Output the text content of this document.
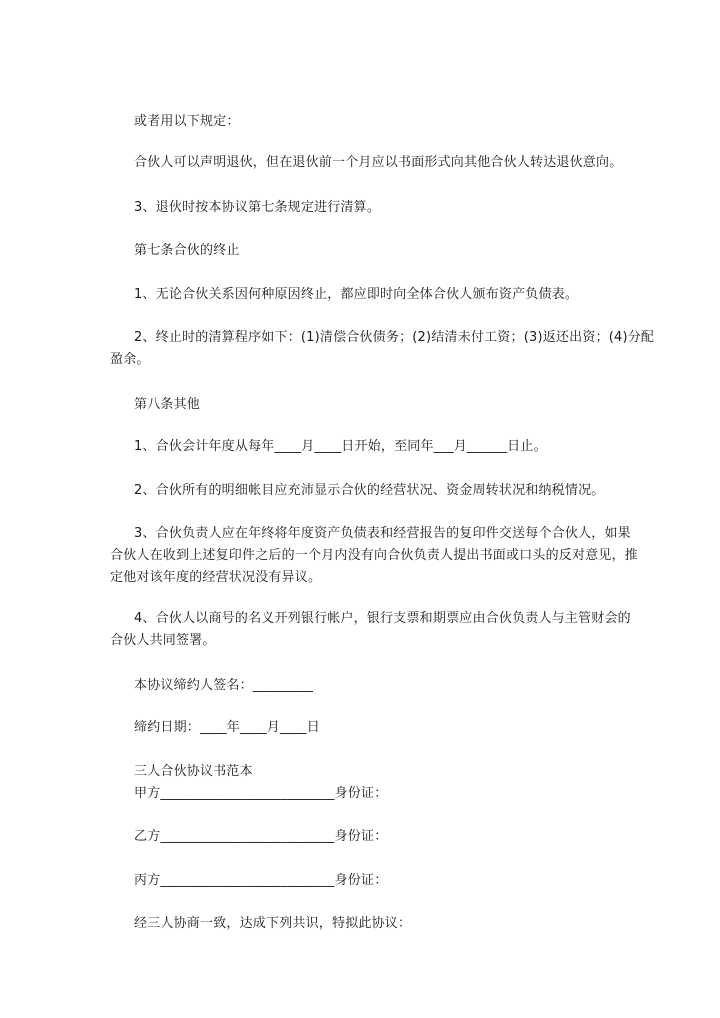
或者用以下规定：
合伙人可以声明退伙，但在退伙前一个月应以书面形式向其他合伙人转达退伙意向。
3、退伙时按本协议第七条规定进行清算。
第七条合伙的终止
1、无论合伙关系因何种原因终止，都应即时向全体合伙人颁布资产负债表。
2、终止时的清算程序如下：(1)清偿合伙债务；(2)结清未付工资；(3)返还出资；(4)分配
盈余。
第八条其他
1、合伙会计年度从每年____月____日开始，至同年___月______日止。
2、合伙所有的明细帐目应充沛显示合伙的经营状况、资金周转状况和纳税情况。
3、合伙负责人应在年终将年度资产负债表和经营报告的复印件交送每个合伙人，如果
合伙人在收到上述复印件之后的一个月内没有向合伙负责人提出书面或口头的反对意见，推
定他对该年度的经营状况没有异议。
4、合伙人以商号的名义开列银行帐户，银行支票和期票应由合伙负责人与主管财会的
合伙人共同签署。
本协议缔约人签名：_________
缔约日期：____年____月____日
三人合伙协议书范本
甲方__________________________身份证：
乙方__________________________身份证：
丙方__________________________身份证：
经三人协商一致，达成下列共识，特拟此协议：
